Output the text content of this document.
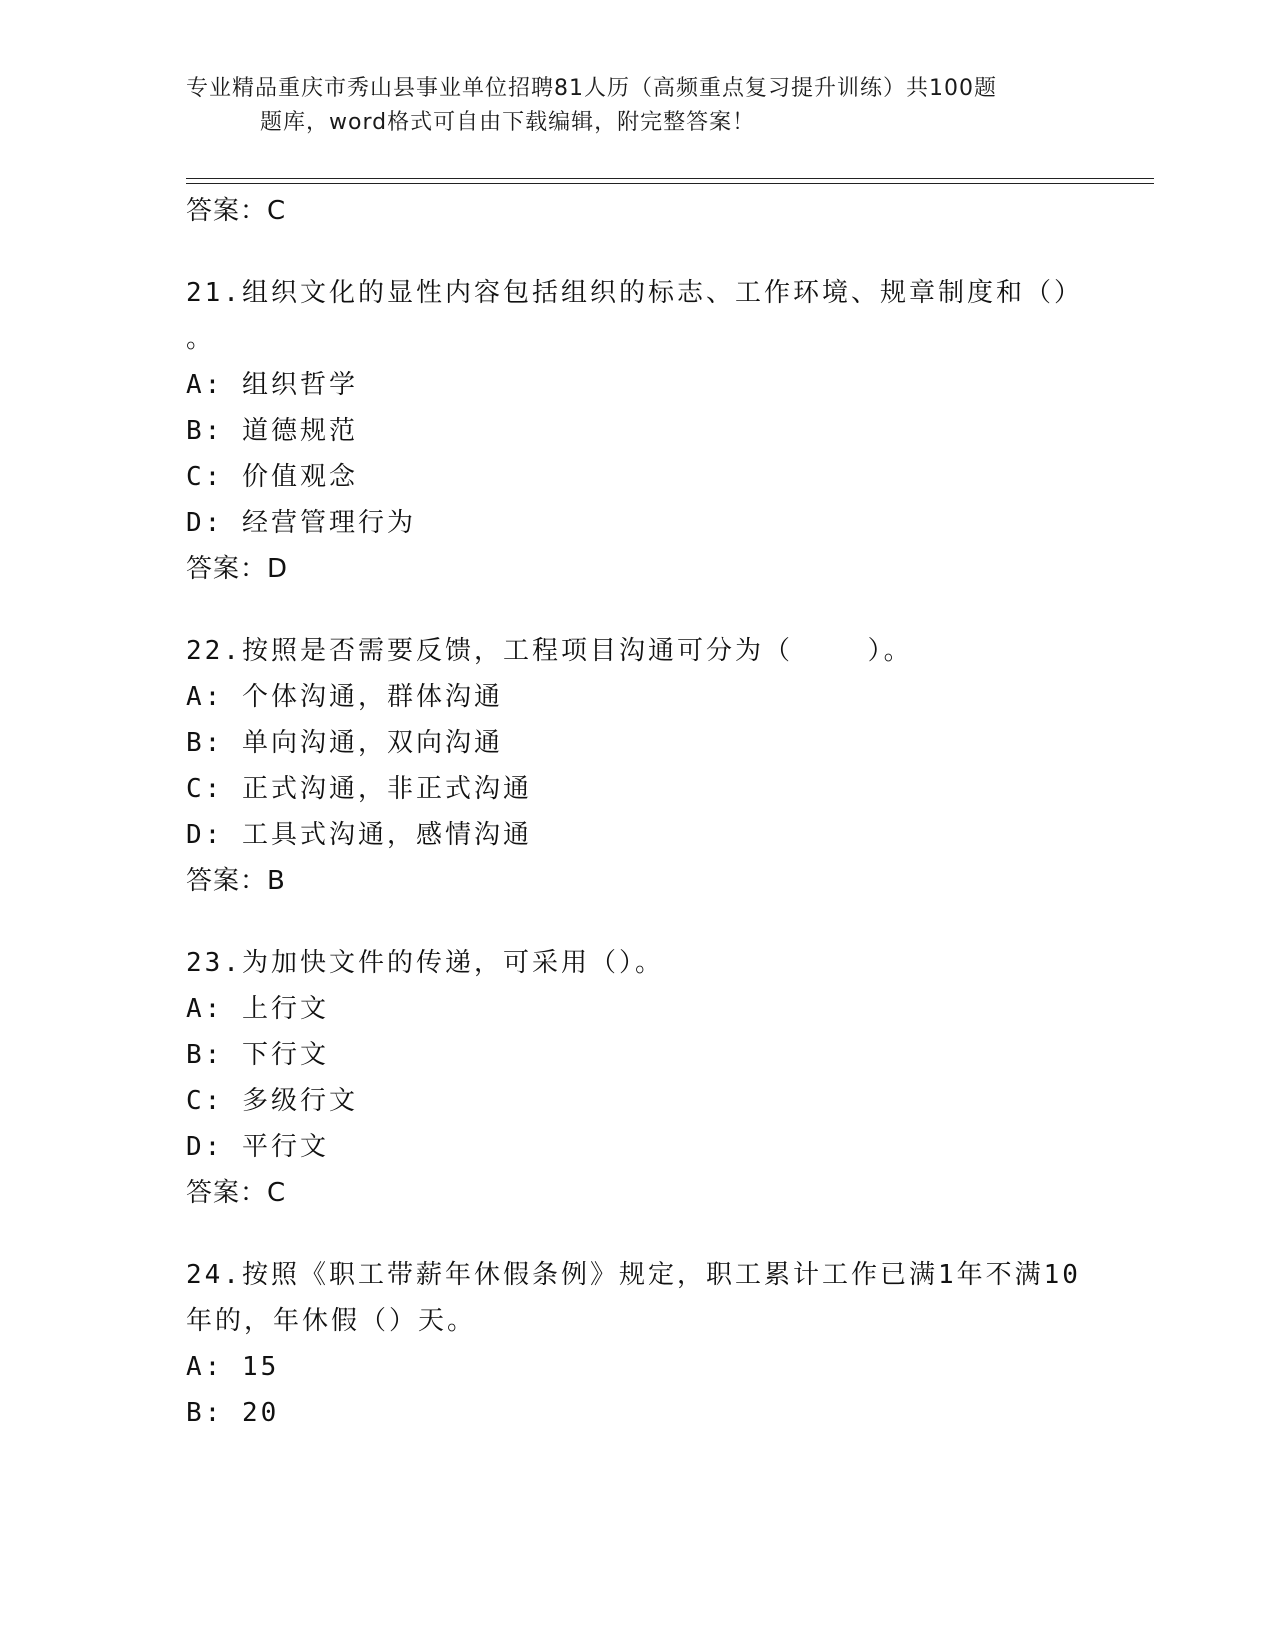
专业精品重庆市秀山县事业单位招聘81人历（高频重点复习提升训练）共100题
题库，word格式可自由下载编辑，附完整答案！
答案：C
21.组织文化的显性内容包括组织的标志、工作环境、规章制度和（）
。
A: 组织哲学
B: 道德规范
C: 价值观念
D: 经营管理行为
答案：D
22.按照是否需要反馈，工程项目沟通可分为（    ）。
A: 个体沟通，群体沟通
B: 单向沟通，双向沟通
C: 正式沟通，非正式沟通
D: 工具式沟通，感情沟通
答案：B
23.为加快文件的传递，可采用（）。
A: 上行文
B: 下行文
C: 多级行文
D: 平行文
答案：C
24.按照《职工带薪年休假条例》规定，职工累计工作已满1年不满10
年的，年休假（）天。
A: 15
B: 20
